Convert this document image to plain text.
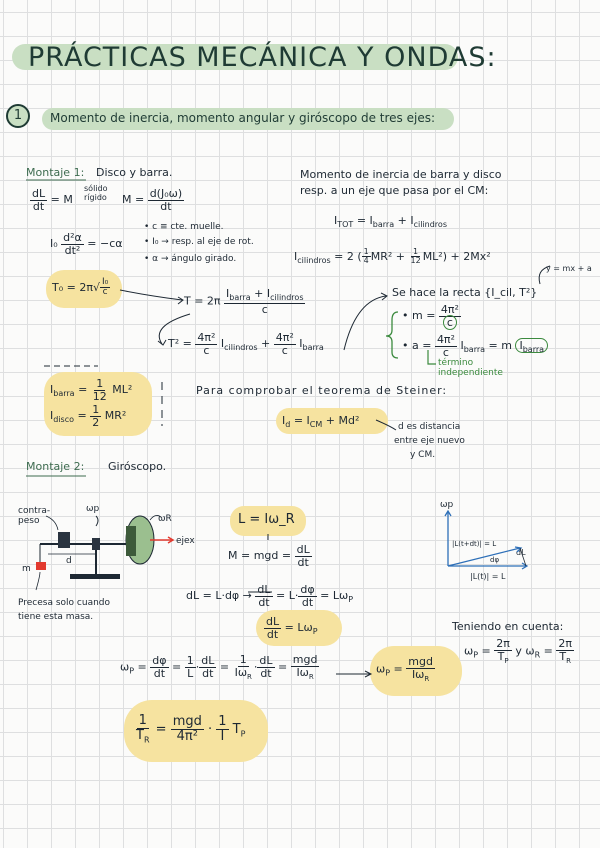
PRÁCTICAS MECÁNICA Y ONDAS:
1	Momento de inercia, momento angular y giróscopo de tres ejes:
Montaje 1: Disco y barra.
$\frac{dL}{dt} = M$
sólido rígido	$M = \frac{\text{d(J₀ω)}}{dt}$
$I_0 \frac{\text{d²α}}{\text{dt²}} = -c\alpha$
• c ≡ cte. muelle.
• I₀ → resp. al eje de rot.
• α → ángulo girado.
$T_0 = 2\pi√ \frac{\text{I₀}}{c}$
$T = 2\pi \frac{I_{barra} + I_{cilindros}}{c}$
$T^2 = \frac{\text{4π²}}{c} I_{cilindros} + \frac{\text{4π²}}{c} I_{barra}$
$I_{barra} = \frac{1}{12} ML^2$
$I_{disco} = \frac{1}{2} MR^2$
Momento de inercia de barra y disco
resp. a un eje que pasa por el CM:
$I_{TOT} = I_{barra} + I_{cilindros}$
$I_{cilindros} = 2$ ( $\frac{1}{4} MR^2 + \frac{1}{12} ML^2) + 2Mx^2$
y = mx + a
Se hace la recta {I_cil, T²}
• $m = \frac{\text{4π²}}{c}$
• $a = \frac{\text{4π²}}{c} I_{barra} = m$ $I_{barra}$
término independiente
Para comprobar el teorema de Steiner:
$I_d = I_{CM} + Md^2$	d es distancia
entre eje nuevo
y CM.
Montaje 2: Giróscopo.
contra-peso
ωp
ωR
ejex
m
d
Precesa solo cuando
tiene esta masa.
L = Iω_R
M = mgd = $\frac{dL}{dt}$
dL = $L\cdot d\varphi \to \frac{dL}{dt} = L\cdot \frac{d\varphi}{dt} = L\omega_P$
$\frac{dL}{dt} = L\omega_P$
$\omega_P = \frac{d\varphi}{dt} = \frac{1}{L} \cdot \frac{dL}{dt} = \frac{1}{I\omega_R} \cdot \frac{dL}{dt} = \frac{\text{mgd}}{I\omega_R}$	$\omega_P = \frac{\text{mgd}}{I\omega_R}$
Teniendo en cuenta:
$\omega_P = \frac{2\pi}{T_P}$ y $\omega_R = \frac{2\pi}{T_R}$
$\frac{1}{T_R} = \frac{\text{mgd}}{\text{4π²}} \cdot \frac{1}{I} T_P$
ωp
|L(t+dt)| = L
dL
dφ
|L(t)| = L
